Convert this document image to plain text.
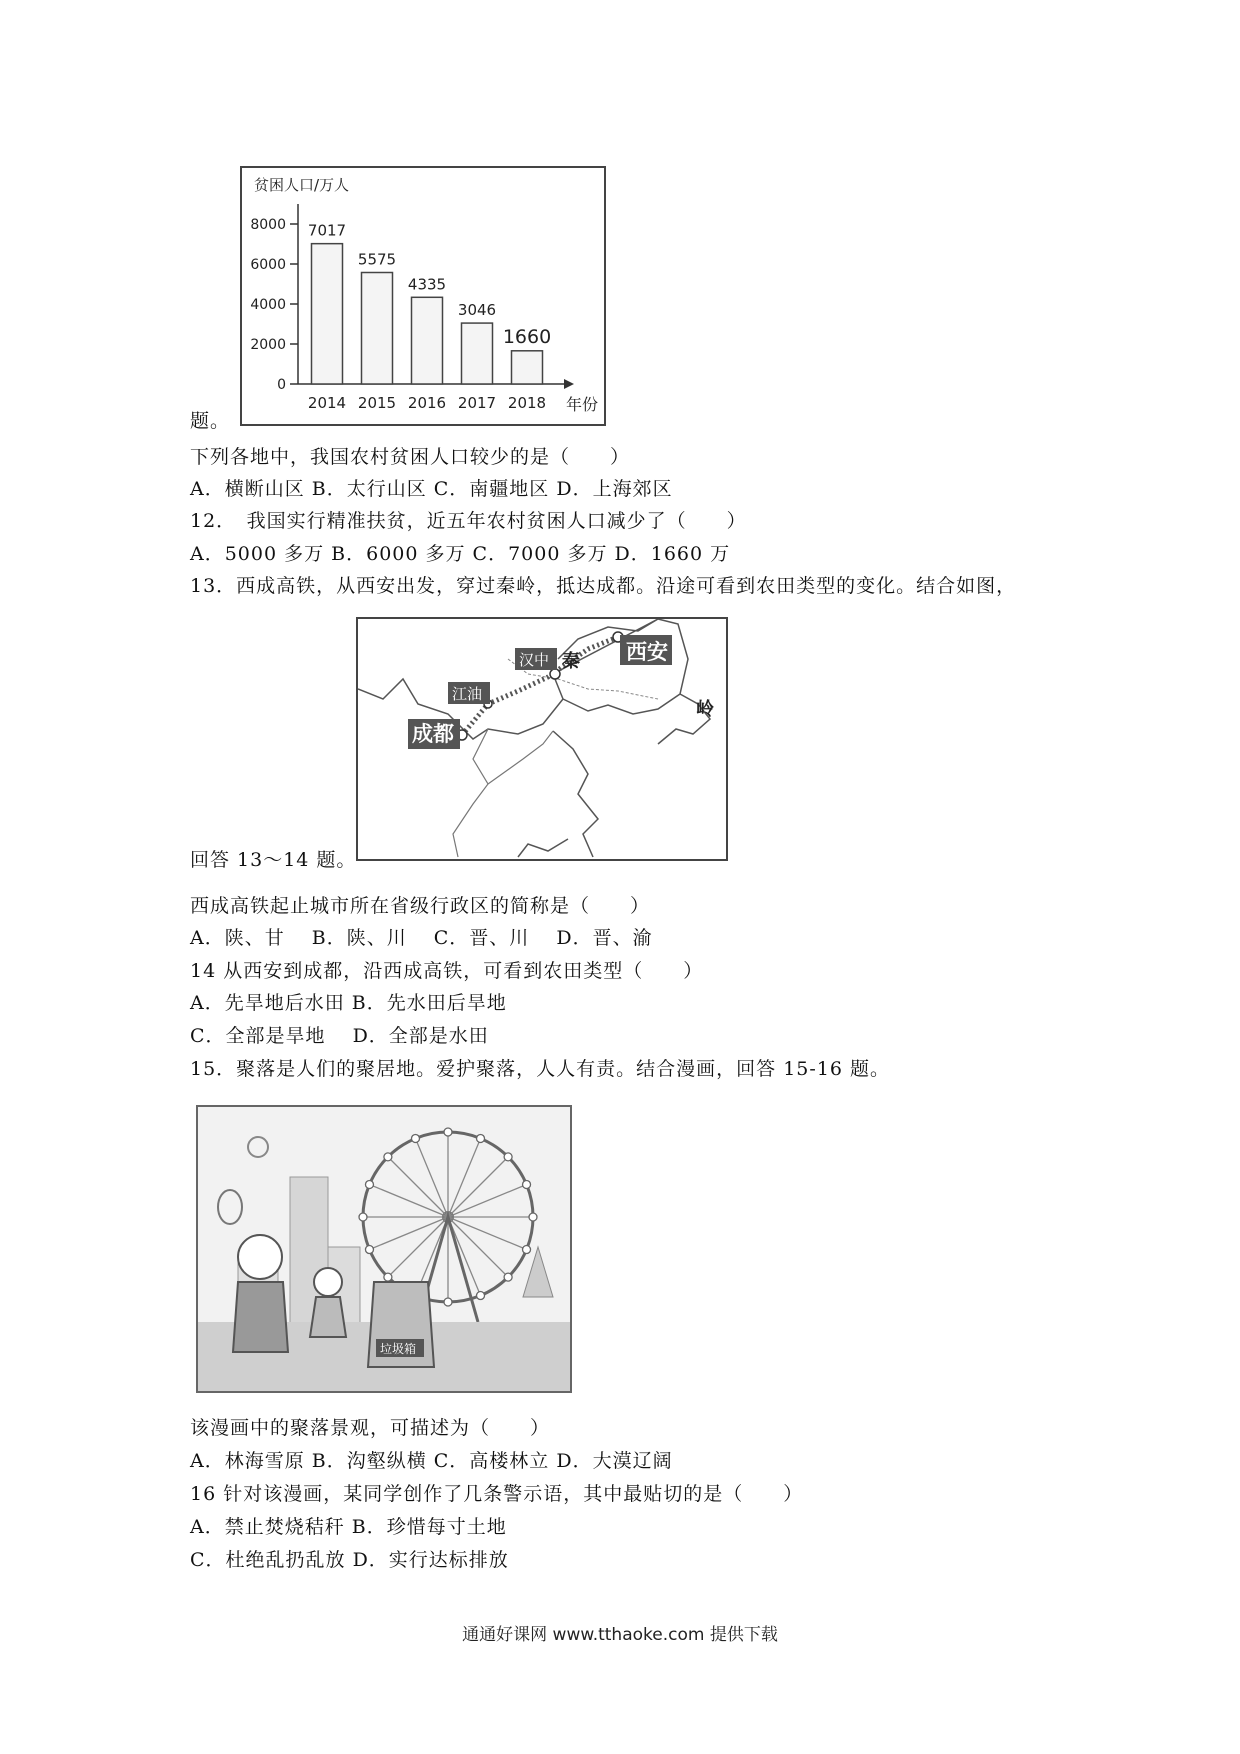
贫困人口/万人
年份
0
2000
4000
6000
8000 7017
2014
5575
2015
4335
2016
3046
2017
1660
2018
题。
下列各地中，我国农村贫困人口较少的是（　　）
A．横断山区 B．太行山区 C．南疆地区 D．上海郊区
12．　我国实行精准扶贫，近五年农村贫困人口减少了（　　）
A．5000 多万 B．6000 多万 C．7000 多万 D．1660 万
13．西成高铁，从西安出发，穿过秦岭，抵达成都。沿途可看到农田类型的变化。结合如图，
西安
汉中
江油
成都
秦
岭
回答 13～14 题。
西成高铁起止城市所在省级行政区的简称是（　　）
A．陕、甘　 B．陕、川　 C．晋、川　 D．晋、渝
14 从西安到成都，沿西成高铁，可看到农田类型（　　）
A．先旱地后水田 B．先水田后旱地
C．全部是旱地　 D．全部是水田
15．聚落是人们的聚居地。爱护聚落，人人有责。结合漫画，回答 15-16 题。
垃圾箱
该漫画中的聚落景观，可描述为（　　）
A．林海雪原 B．沟壑纵横 C．高楼林立 D．大漠辽阔
16 针对该漫画，某同学创作了几条警示语，其中最贴切的是（　　）
A．禁止焚烧秸秆 B．珍惜每寸土地
C．杜绝乱扔乱放 D．实行达标排放
通通好课网 www.tthaoke.com 提供下载
